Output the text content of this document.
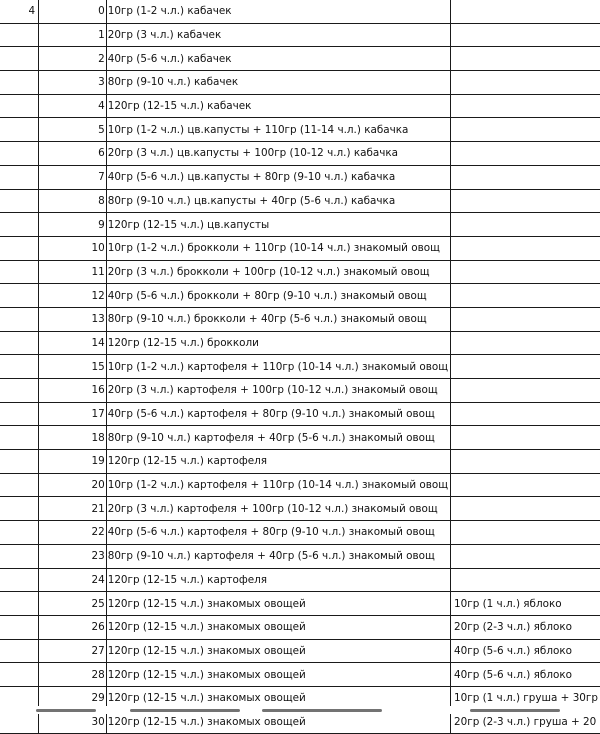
4	0	10гр (1-2 ч.л.) кабачек	
	1	20гр (3 ч.л.) кабачек	
	2	40гр (5-6 ч.л.) кабачек	
	3	80гр (9-10 ч.л.) кабачек	
	4	120гр (12-15 ч.л.) кабачек	
	5	10гр (1-2 ч.л.) цв.капусты + 110гр (11-14 ч.л.) кабачка	
	6	20гр (3 ч.л.) цв.капусты + 100гр (10-12 ч.л.) кабачка	
	7	40гр (5-6 ч.л.) цв.капусты + 80гр (9-10 ч.л.) кабачка	
	8	80гр (9-10 ч.л.) цв.капусты + 40гр (5-6 ч.л.) кабачка	
	9	120гр (12-15 ч.л.) цв.капусты	
	10	10гр (1-2 ч.л.) брокколи + 110гр (10-14 ч.л.) знакомый овощ	
	11	20гр (3 ч.л.) брокколи + 100гр (10-12 ч.л.) знакомый овощ	
	12	40гр (5-6 ч.л.) брокколи + 80гр (9-10 ч.л.) знакомый овощ	
	13	80гр (9-10 ч.л.) брокколи + 40гр (5-6 ч.л.) знакомый овощ	
	14	120гр (12-15 ч.л.) брокколи	
	15	10гр (1-2 ч.л.) картофеля + 110гр (10-14 ч.л.) знакомый овощ	
	16	20гр (3 ч.л.) картофеля + 100гр (10-12 ч.л.) знакомый овощ	
	17	40гр (5-6 ч.л.) картофеля + 80гр (9-10 ч.л.) знакомый овощ	
	18	80гр (9-10 ч.л.) картофеля + 40гр (5-6 ч.л.) знакомый овощ	
	19	120гр (12-15 ч.л.) картофеля	
	20	10гр (1-2 ч.л.) картофеля + 110гр (10-14 ч.л.) знакомый овощ	
	21	20гр (3 ч.л.) картофеля + 100гр (10-12 ч.л.) знакомый овощ	
	22	40гр (5-6 ч.л.) картофеля + 80гр (9-10 ч.л.) знакомый овощ	
	23	80гр (9-10 ч.л.) картофеля + 40гр (5-6 ч.л.) знакомый овощ	
	24	120гр (12-15 ч.л.) картофеля	
	25	120гр (12-15 ч.л.) знакомых овощей	10гр (1 ч.л.) яблоко
	26	120гр (12-15 ч.л.) знакомых овощей	20гр (2-3 ч.л.) яблоко
	27	120гр (12-15 ч.л.) знакомых овощей	40гр (5-6 ч.л.) яблоко
	28	120гр (12-15 ч.л.) знакомых овощей	40гр (5-6 ч.л.) яблоко
	29	120гр (12-15 ч.л.) знакомых овощей	10гр (1 ч.л.) груша + 30гр
	30	120гр (12-15 ч.л.) знакомых овощей	20гр (2-3 ч.л.) груша + 20
